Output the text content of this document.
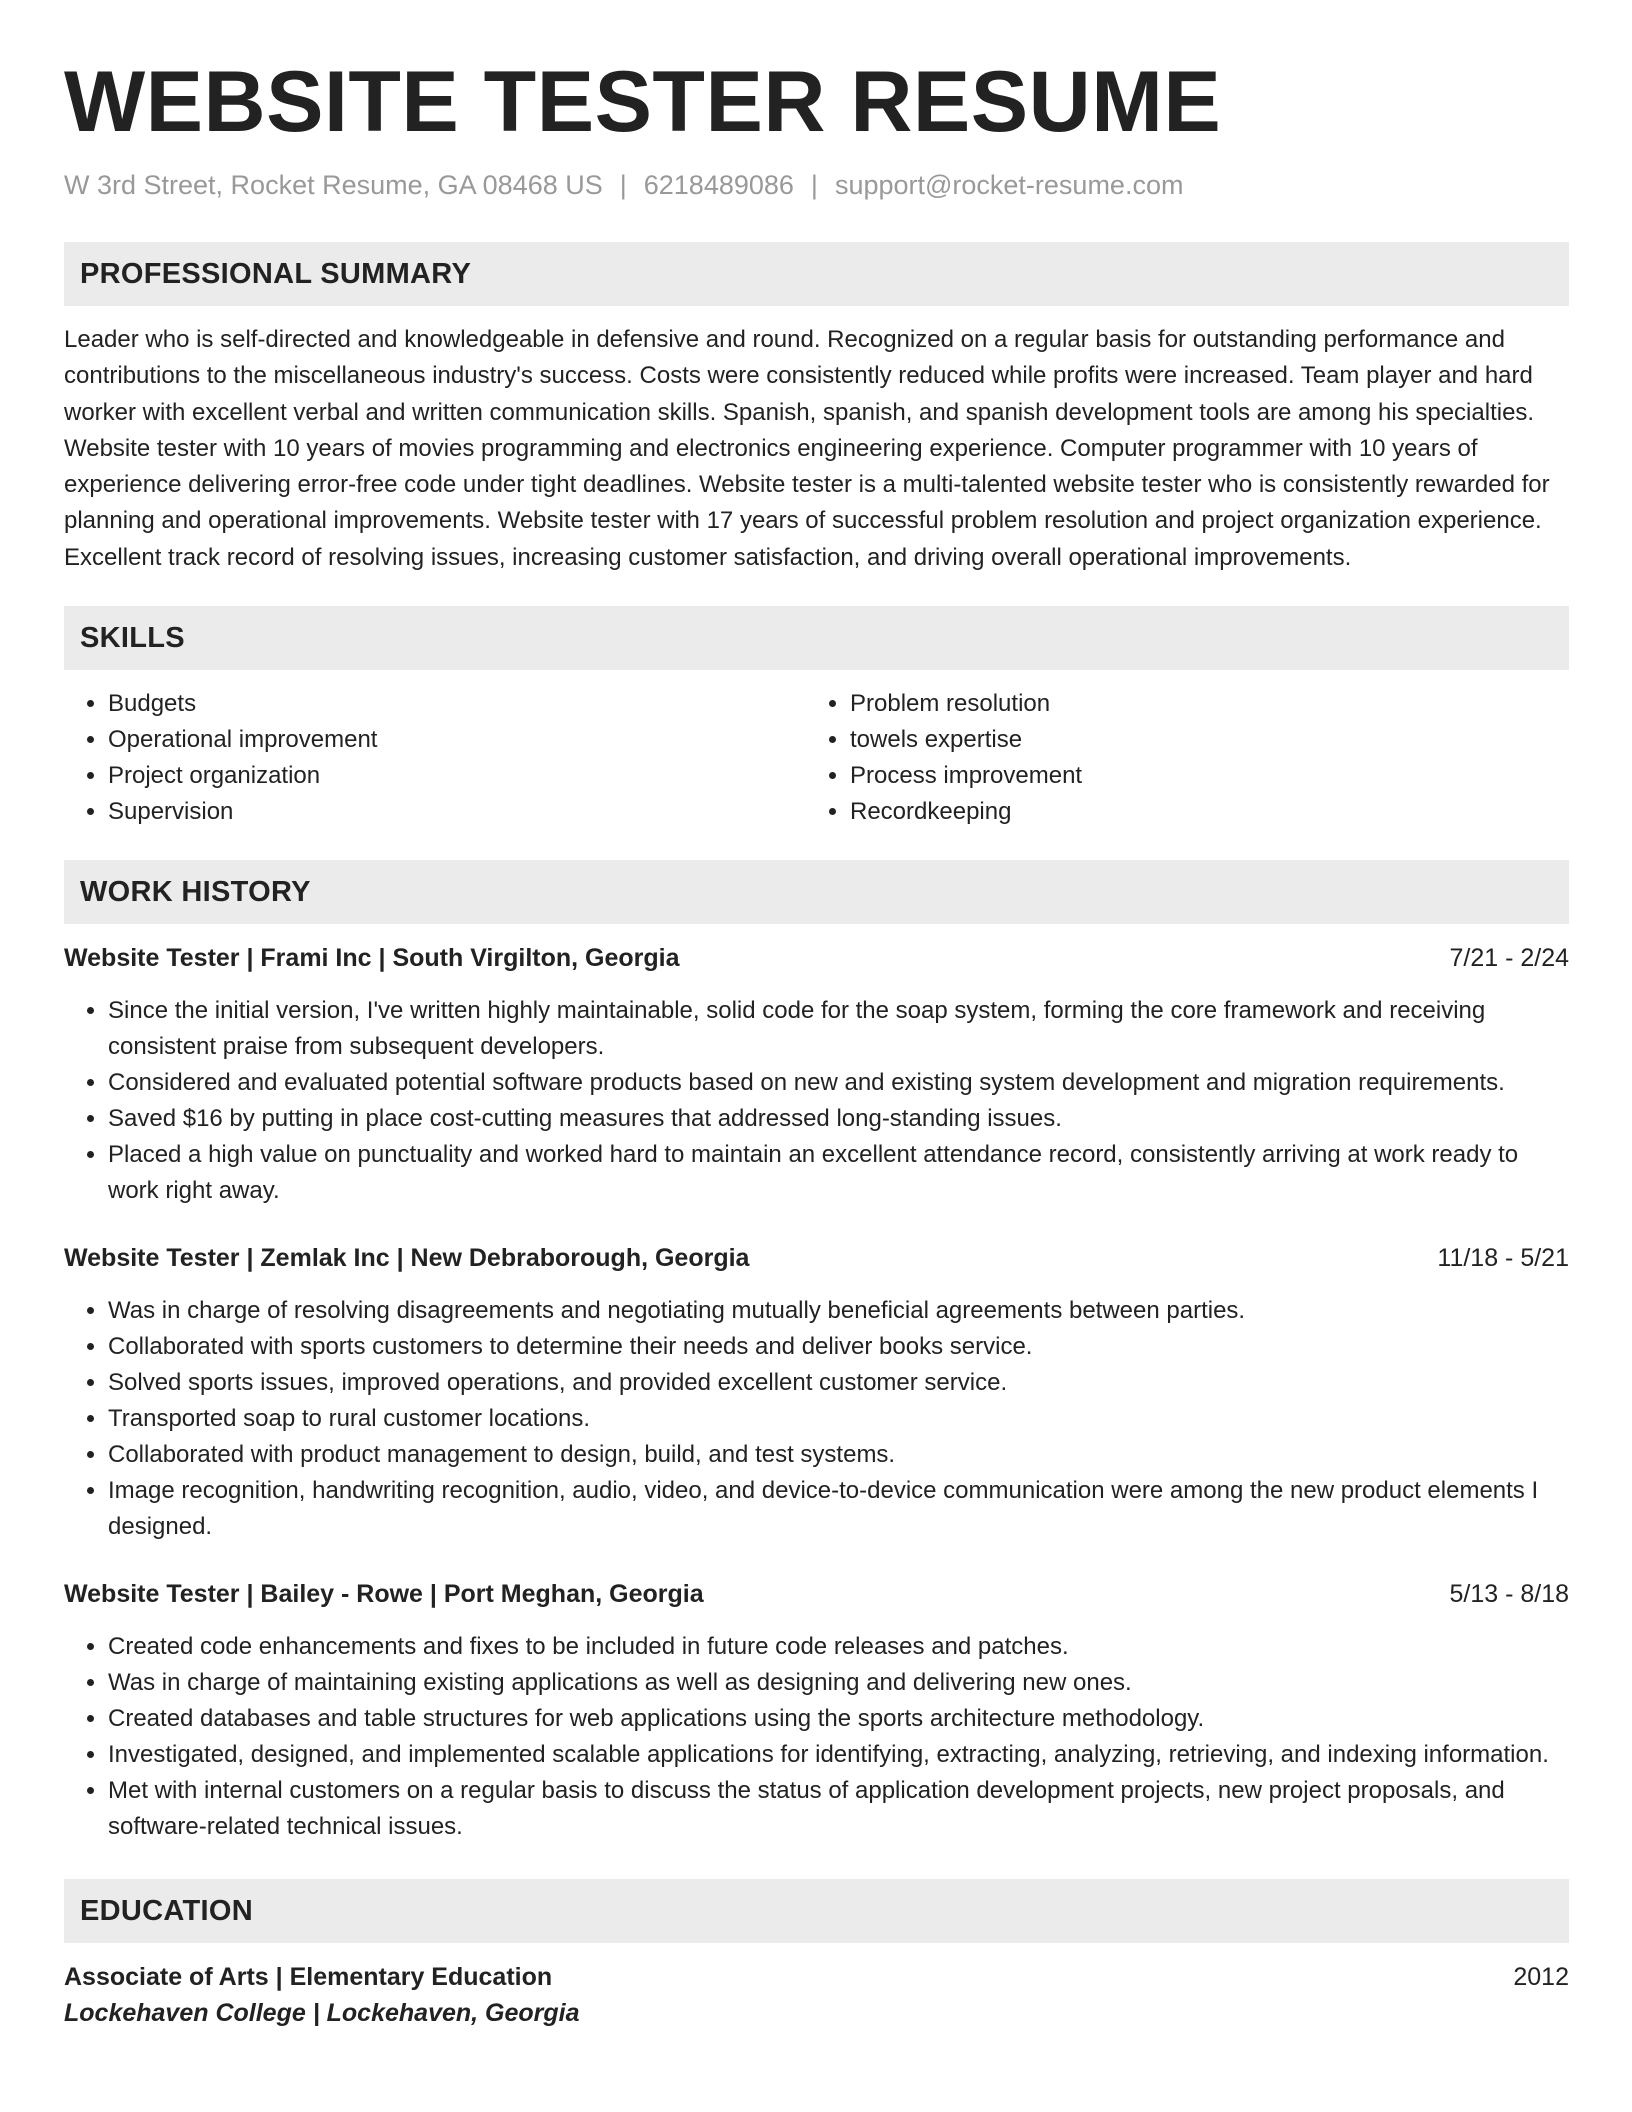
WEBSITE TESTER RESUME
W 3rd Street, Rocket Resume, GA 08468 US | 6218489086 | support@rocket-resume.com
PROFESSIONAL SUMMARY

Leader who is self-directed and knowledgeable in defensive and round. Recognized on a regular basis for outstanding performance and contributions to the miscellaneous industry's success. Costs were consistently reduced while profits were increased. Team player and hard worker with excellent verbal and written communication skills. Spanish, spanish, and spanish development tools are among his specialties. Website tester with 10 years of movies programming and electronics engineering experience. Computer programmer with 10 years of experience delivering error-free code under tight deadlines. Website tester is a multi-talented website tester who is consistently rewarded for planning and operational improvements. Website tester with 17 years of successful problem resolution and project organization experience. Excellent track record of resolving issues, increasing customer satisfaction, and driving overall operational improvements.

SKILLS
• Budgets
• Operational improvement
• Project organization
• Supervision
• Problem resolution
• towels expertise
• Process improvement
• Recordkeeping
WORK HISTORY
Website Tester | Frami Inc | South Virgilton, Georgia	7/21 - 2/24
• Since the initial version, I've written highly maintainable, solid code for the soap system, forming the core framework and receiving consistent praise from subsequent developers.
• Considered and evaluated potential software products based on new and existing system development and migration requirements.
• Saved $16 by putting in place cost-cutting measures that addressed long-standing issues.
• Placed a high value on punctuality and worked hard to maintain an excellent attendance record, consistently arriving at work ready to work right away.
Website Tester | Zemlak Inc | New Debraborough, Georgia	11/18 - 5/21
• Was in charge of resolving disagreements and negotiating mutually beneficial agreements between parties.
• Collaborated with sports customers to determine their needs and deliver books service.
• Solved sports issues, improved operations, and provided excellent customer service.
• Transported soap to rural customer locations.
• Collaborated with product management to design, build, and test systems.
• Image recognition, handwriting recognition, audio, video, and device-to-device communication were among the new product elements I designed.
Website Tester | Bailey - Rowe | Port Meghan, Georgia	5/13 - 8/18
• Created code enhancements and fixes to be included in future code releases and patches.
• Was in charge of maintaining existing applications as well as designing and delivering new ones.
• Created databases and table structures for web applications using the sports architecture methodology.
• Investigated, designed, and implemented scalable applications for identifying, extracting, analyzing, retrieving, and indexing information.
• Met with internal customers on a regular basis to discuss the status of application development projects, new project proposals, and software-related technical issues.
EDUCATION
Associate of Arts | Elementary Education	2012
Lockehaven College | Lockehaven, Georgia
